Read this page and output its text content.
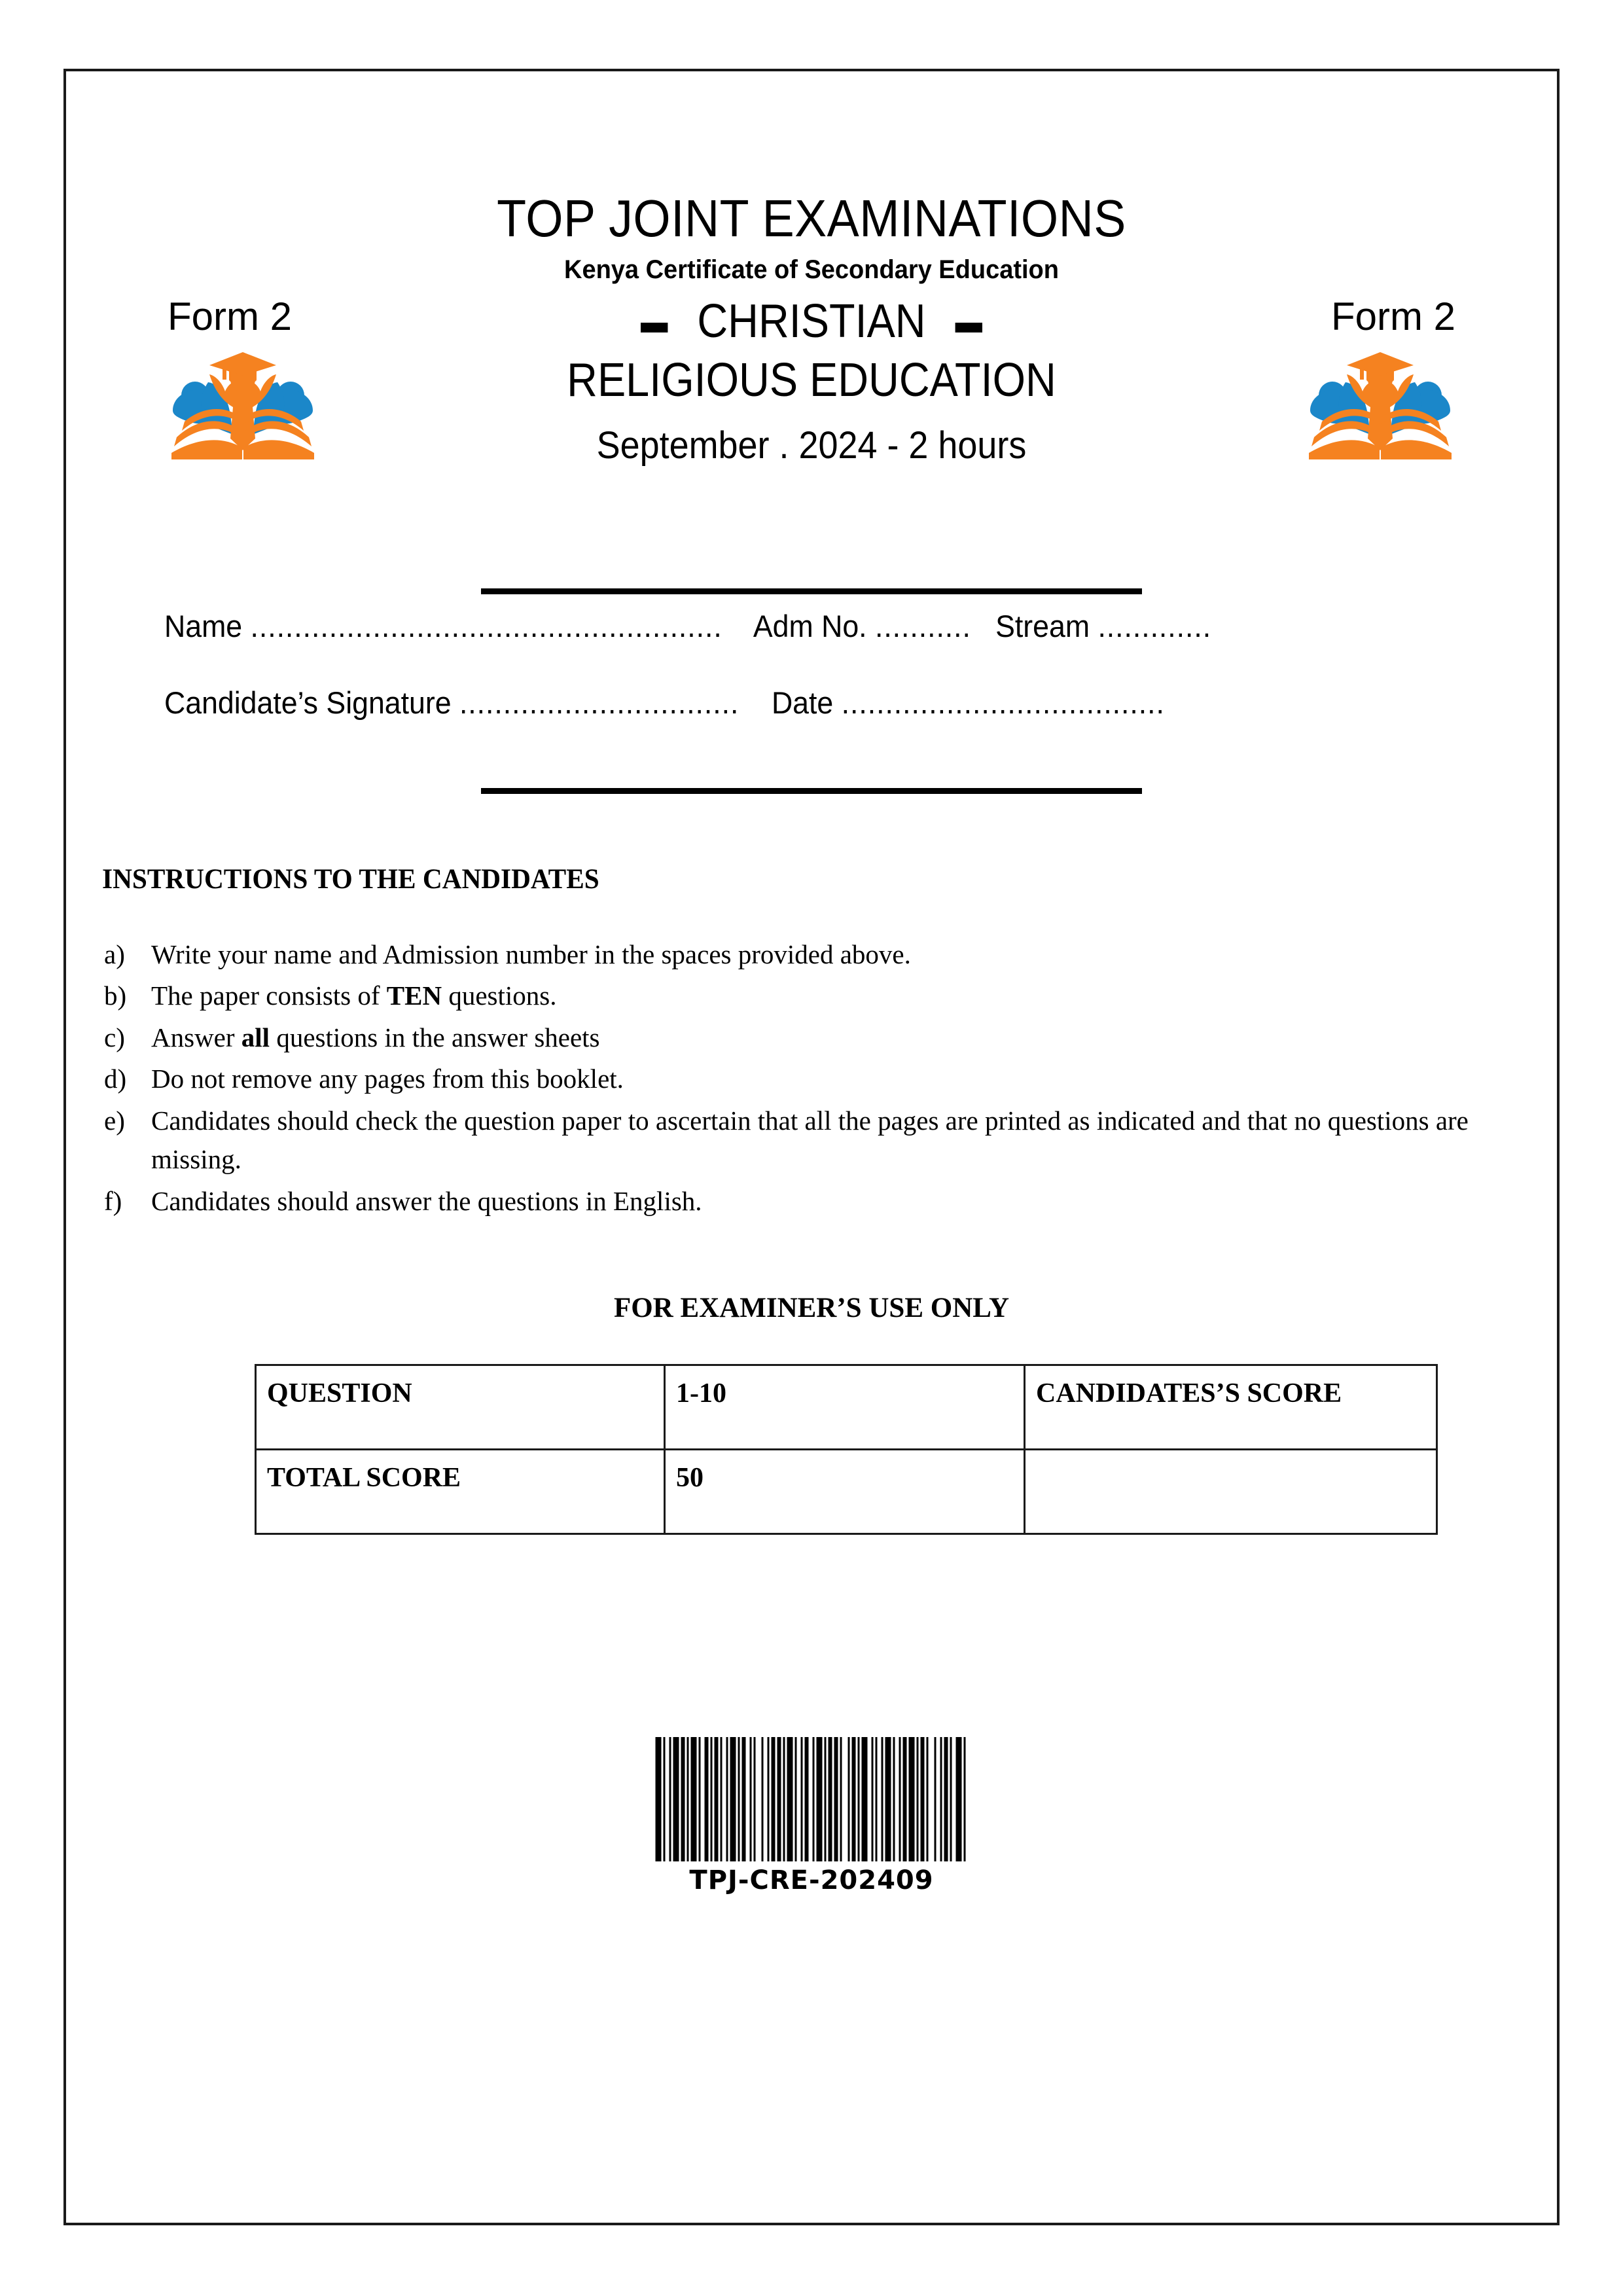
TOP JOINT EXAMINATIONS
Kenya Certificate of Secondary Education
Form 2	CHRISTIAN
RELIGIOUS EDUCATION
September . 2024 - 2 hours
Form 2
Name ...................................................... Adm No. ........... Stream .............
Candidate’s Signature ................................ Date .....................................
INSTRUCTIONS TO THE CANDIDATES
a) Write your name and Admission number in the spaces provided above.
b) The paper consists of TEN questions.
c) Answer all questions in the answer sheets
d) Do not remove any pages from this booklet.
e) Candidates should check the question paper to ascertain that all the pages are printed as indicated and that no questions are missing.
f)	Candidates should answer the questions in English.
FOR EXAMINER’S USE ONLY
QUESTION	1-10	CANDIDATES’S SCORE
TOTAL SCORE	50	
TPJ-CRE-202409
